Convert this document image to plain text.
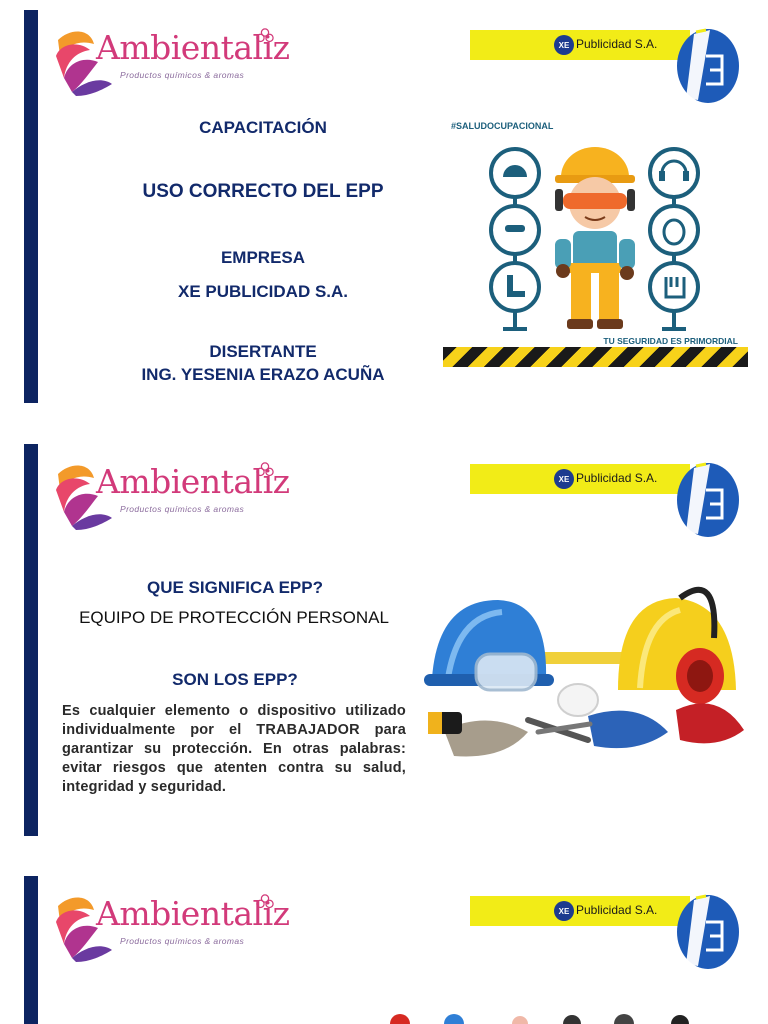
Ambientaliz
Productos químicos & aromas
XE Publicidad S.A.
CAPACITACIÓN
USO CORRECTO DEL EPP
EMPRESA
XE PUBLICIDAD S.A.
DISERTANTE
ING. YESENIA ERAZO ACUÑA
#SALUDOCUPACIONAL
TU SEGURIDAD ES PRIMORDIAL
Ambientaliz
Productos químicos & aromas
XE Publicidad S.A.
QUE SIGNIFICA EPP?
EQUIPO DE PROTECCIÓN PERSONAL
SON LOS EPP?
Es cualquier elemento o dispositivo utilizado individualmente por el TRABAJADOR para garantizar su protección. En otras palabras: evitar riesgos que atenten contra su salud, integridad y seguridad.
Ambientaliz
Productos químicos & aromas
XE Publicidad S.A.
